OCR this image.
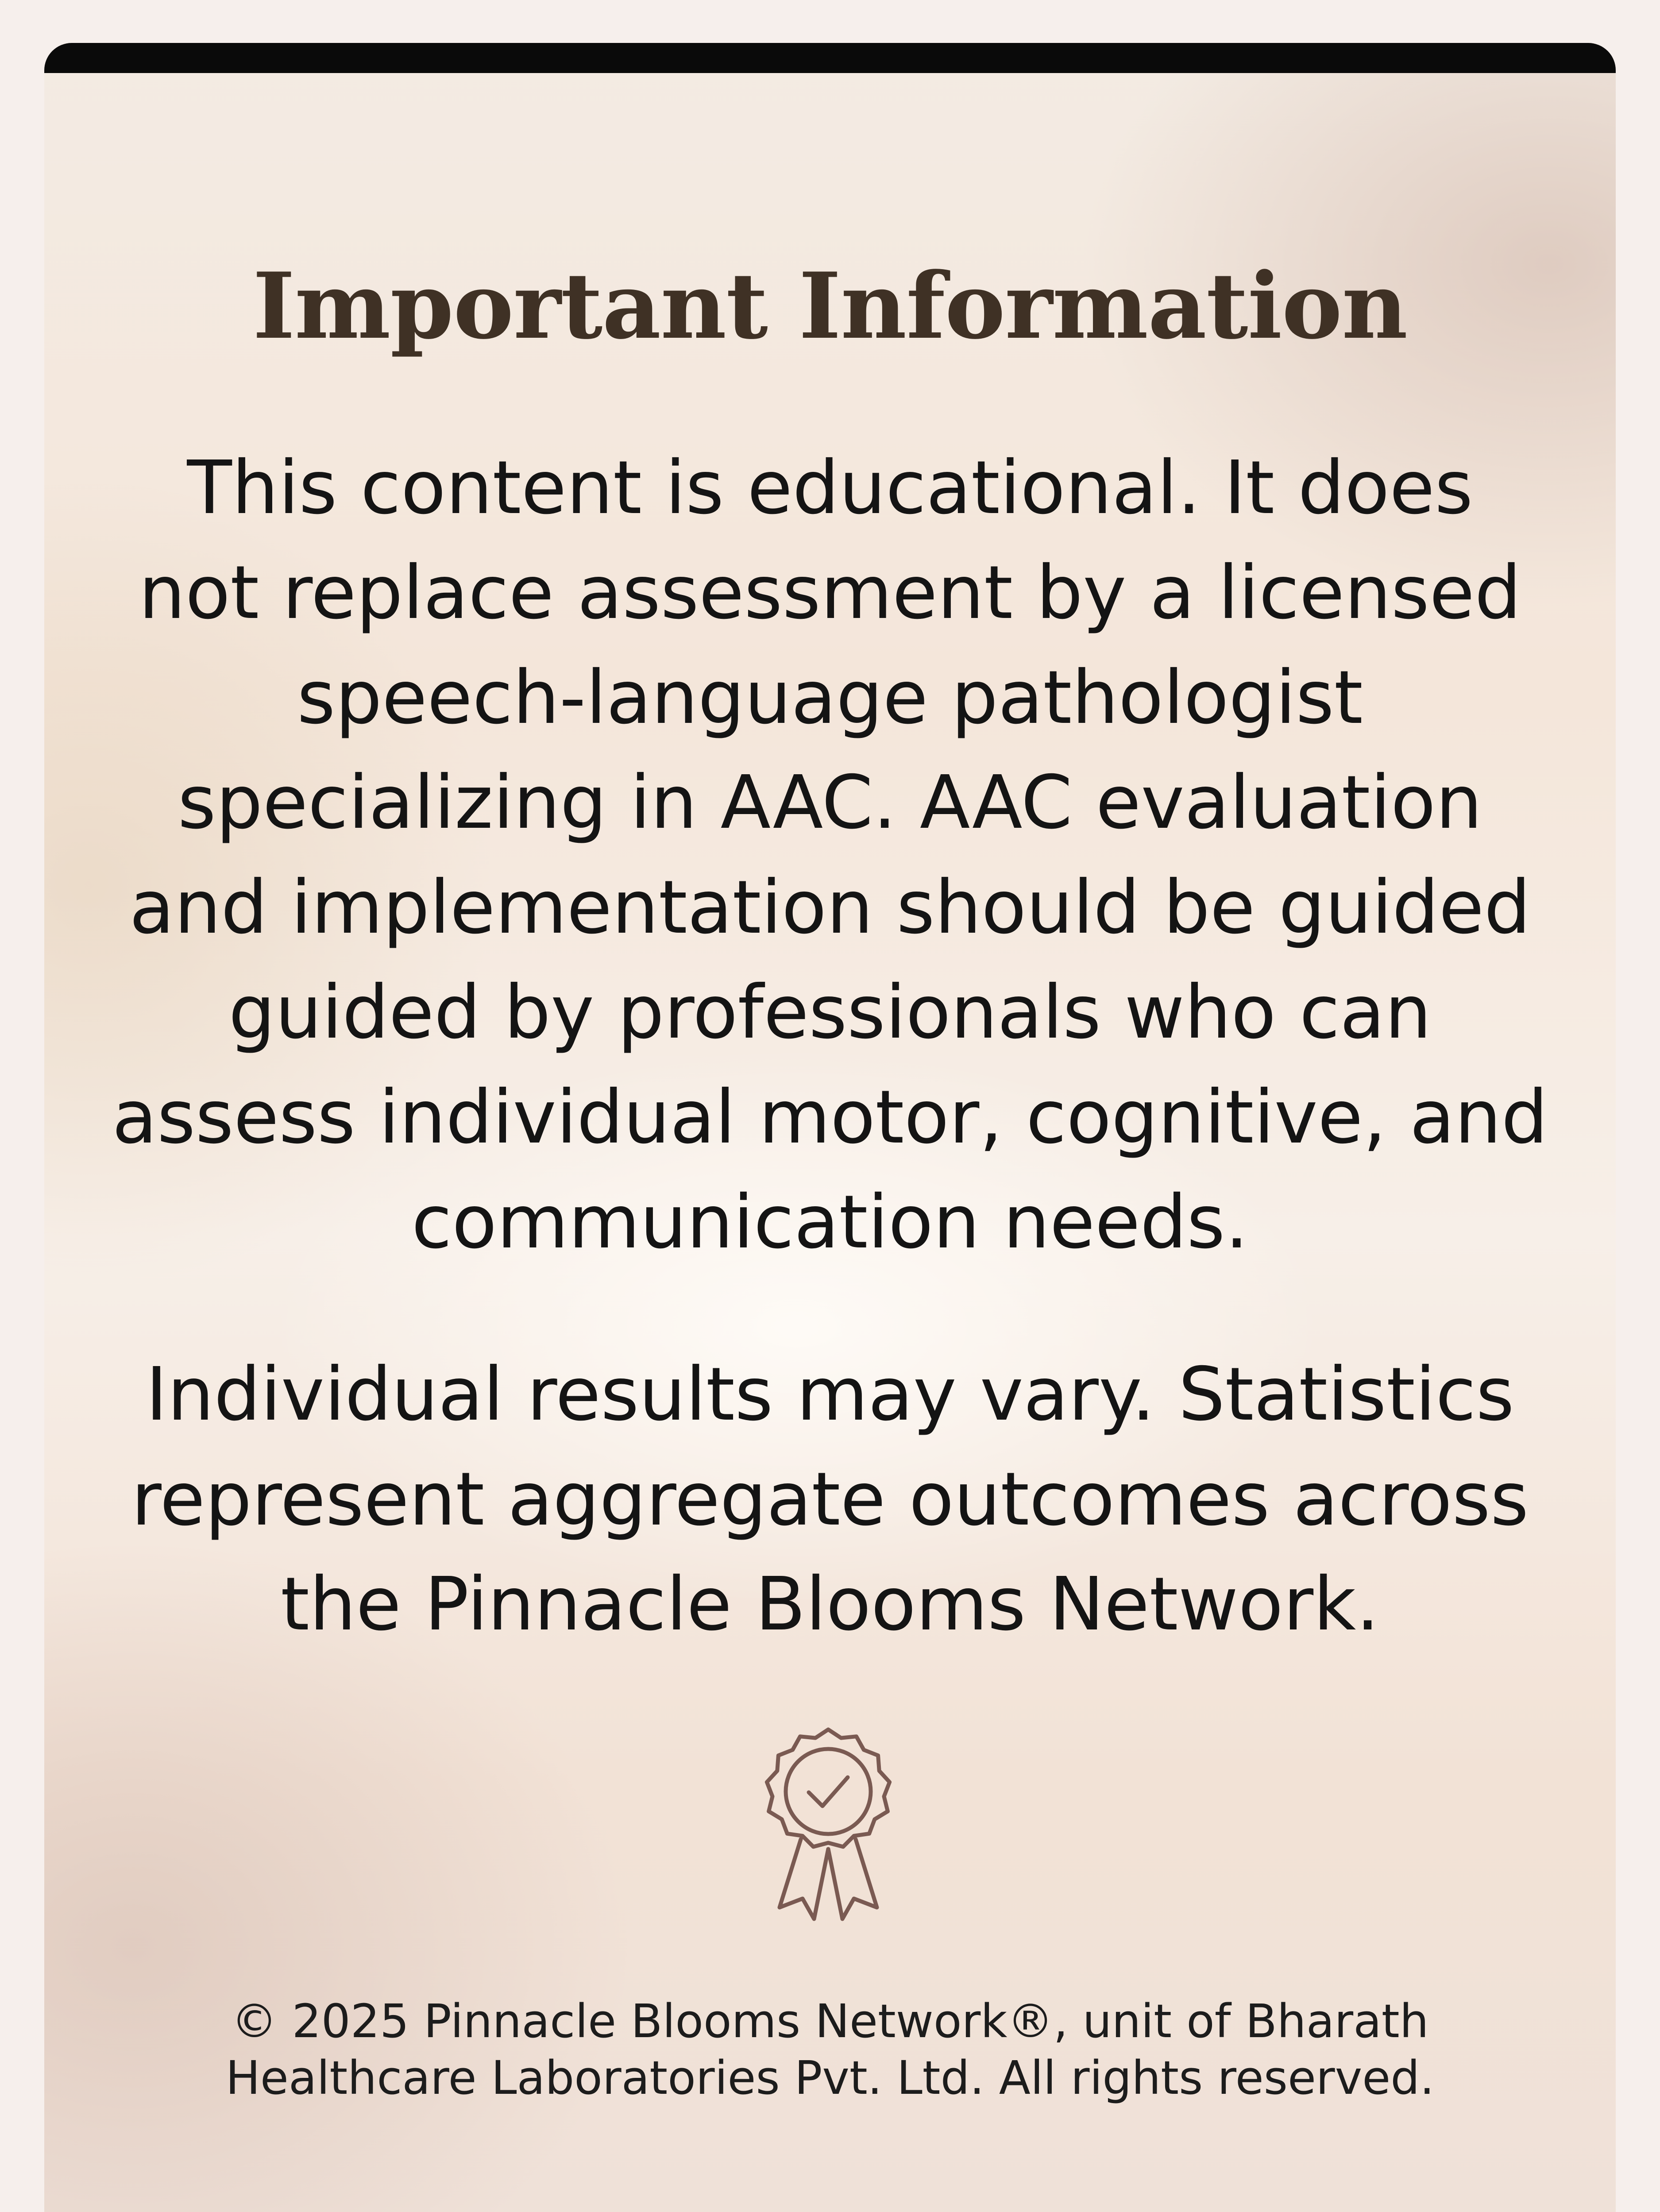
Important Information

This content is educational. It does
not replace assessment by a licensed
speech-language pathologist
specializing in AAC. AAC evaluation
and implementation should be guided
guided by professionals who can
assess individual motor, cognitive, and
communication needs.

Individual results may vary. Statistics
represent aggregate outcomes across
the Pinnacle Blooms Network.

© 2025 Pinnacle Blooms Network®, unit of Bharath
Healthcare Laboratories Pvt. Ltd. All rights reserved.
